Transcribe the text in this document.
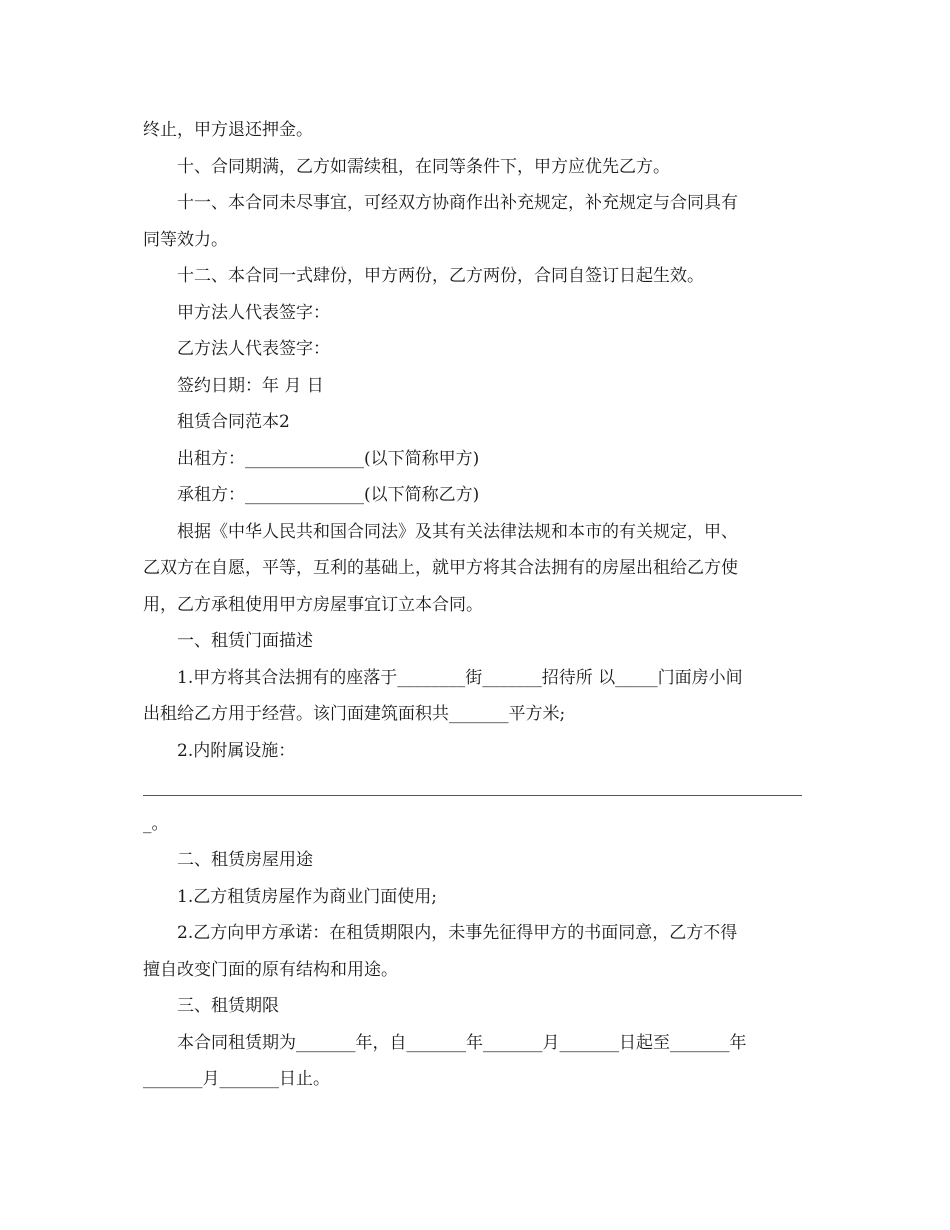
终止，甲方退还押金。
十、合同期满，乙方如需续租，在同等条件下，甲方应优先乙方。
十一、本合同未尽事宜，可经双方协商作出补充规定，补充规定与合同具有
同等效力。
十二、本合同一式肆份，甲方两份，乙方两份，合同自签订日起生效。
甲方法人代表签字：
乙方法人代表签字：
签约日期：年 月 日
租赁合同范本2
出租方：______________(以下简称甲方)
承租方：______________(以下简称乙方)
根据《中华人民共和国合同法》及其有关法律法规和本市的有关规定，甲、
乙双方在自愿，平等，互利的基础上，就甲方将其合法拥有的房屋出租给乙方使
用，乙方承租使用甲方房屋事宜订立本合同。
一、租赁门面描述
1.甲方将其合法拥有的座落于________街_______招待所 以_____门面房小间
出租给乙方用于经营。该门面建筑面积共_______平方米;
2.内附属设施：
_。
二、租赁房屋用途
1.乙方租赁房屋作为商业门面使用;
2.乙方向甲方承诺：在租赁期限内，未事先征得甲方的书面同意，乙方不得
擅自改变门面的原有结构和用途。
三、租赁期限
本合同租赁期为_______年，自_______年_______月_______日起至_______年
_______月_______日止。
